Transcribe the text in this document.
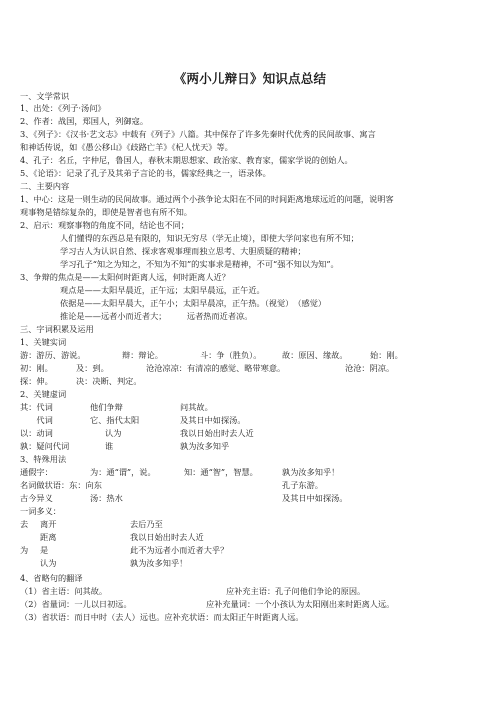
《两小儿辩日》知识点总结
一、文学常识
1、出处：《列子·汤问》
2、作者：战国，郑国人，列御寇。
3、《列子》：《汉书·艺文志》中载有《列子》八篇。其中保存了许多先秦时代优秀的民间故事、寓言
和神话传说，如《愚公移山》《歧路亡羊》《杞人忧天》等。
4、孔子：名丘，字仲尼，鲁国人，春秋末期思想家、政治家、教育家，儒家学说的创始人。
5、《论语》：记录了孔子及其弟子言论的书，儒家经典之一，语录体。
二、主要内容
1、中心：这是一则生动的民间故事。通过两个小孩争论太阳在不同的时间距离地球远近的问题，说明客
观事物是错综复杂的，即使是智者也有所不知。
2、启示：观察事物的角度不同，结论也不同；
人们懂得的东西总是有限的，知识无穷尽（学无止境），即使大学问家也有所不知；
学习古人为认识自然、探求客观事理而独立思考、大胆质疑的精神；
学习孔子“知之为知之，不知为不知”的实事求是精神，不可“强不知以为知”。
3、争辩的焦点是——太阳何时距离人远，何时距离人近？
观点是——太阳早晨近，正午远；太阳早晨远，正午近。
依据是——太阳早晨大，正午小；太阳早晨凉，正午热。（视觉）　（感觉）
推论是——远者小而近者大；　　　远者热而近者凉。
三、字词积累及运用
1、关键实词
游：游历、游说。	辩：辩论。	斗：争（胜负）。	故：原因、缘故。	始：刚。
初：刚。	及：到。	沧沧凉凉：有清凉的感觉、略带寒意。	沧沧：阴凉。
探：伸。	决：决断、判定。
2、关键虚词
其：代词	他们争辩	问其故。
　　代词	它、指代太阳	及其日中如探汤。
以：动词	认为	我以日始出时去人近
孰：疑问代词	谁	孰为汝多知乎
3、特殊用法
通假字：	为：通“谓”，说。	知：通“智”，智慧。	孰为汝多知乎！
名词做状语：东：向东	孔子东游。
古今异义	汤：热水	及其日中如探汤。
一词多义：
去 离开	去后乃至
距离	我以日始出时去人近
为 是	此不为远者小而近者大乎？
认为	孰为汝多知乎！
4、省略句的翻译
（1）省主语：问其故。	应补充主语：孔子问他们争论的原因。
（2）省量词：一儿以日初远。	应补充量词：一个小孩认为太阳刚出来时距离人远。
（3）省状语：而日中时（去人）远也。应补充状语：而太阳正午时距离人远。
